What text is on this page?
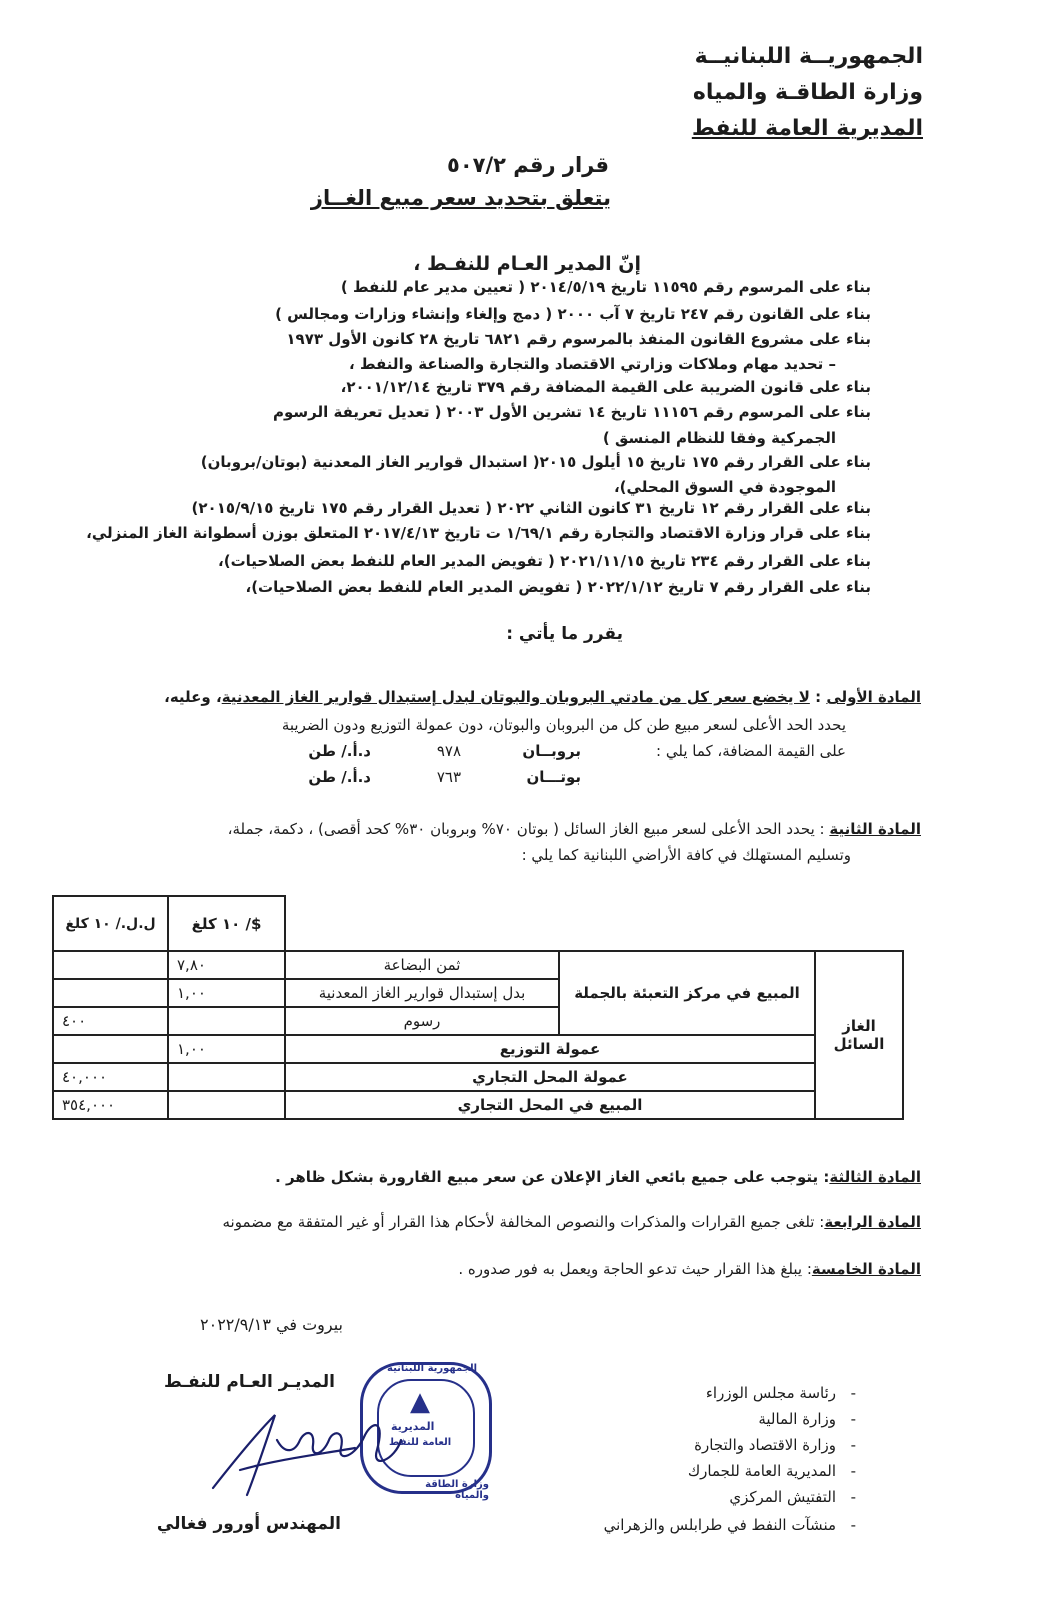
الجمهوريــة اللبنانيــة
وزارة الطاقـة والمياه
المديرية العامة للنفط
قرار رقم ٥٠٧/٢
يتعلق بتحديد سعر مبيع الغــاز
إنّ المدير العـام للنفـط ،
بناء على المرسوم رقم ١١٥٩٥ تاريخ ٢٠١٤/٥/١٩ ( تعيين مدير عام للنفط )
بناء على القانون رقم ٢٤٧ تاريخ ٧ آب ٢٠٠٠ ( دمج وإلغاء وإنشاء وزارات ومجالس )
بناء على مشروع القانون المنفذ بالمرسوم رقم ٦٨٢١ تاريخ ٢٨ كانون الأول ١٩٧٣
– تحديد مهام وملاكات وزارتي الاقتصاد والتجارة والصناعة والنفط ،
بناء على قانون الضريبة على القيمة المضافة رقم ٣٧٩ تاريخ ٢٠٠١/١٢/١٤،
بناء على المرسوم رقم ١١١٥٦ تاريخ ١٤ تشرين الأول ٢٠٠٣ ( تعديل تعريفة الرسوم
الجمركية وفقا للنظام المنسق )
بناء على القرار رقم ١٧٥ تاريخ ١٥ أيلول ٢٠١٥( استبدال قوارير الغاز المعدنية (بوتان/بروبان)
الموجودة في السوق المحلي)،
بناء على القرار رقم ١٢ تاريخ ٣١ كانون الثاني ٢٠٢٢ ( تعديل القرار رقم ١٧٥ تاريخ ٢٠١٥/٩/١٥)
بناء على قرار وزارة الاقتصاد والتجارة رقم ١/٦٩/١ ت تاريخ ٢٠١٧/٤/١٣ المتعلق بوزن أسطوانة الغاز المنزلي،
بناء على القرار رقم ٢٣٤ تاريخ ٢٠٢١/١١/١٥ ( تفويض المدير العام للنفط بعض الصلاحيات)،
بناء على القرار رقم ٧ تاريخ ٢٠٢٢/١/١٢ ( تفويض المدير العام للنفط بعض الصلاحيات)،
يقرر ما يأتي :
المادة الأولى : لا يخضع سعر كل من مادتي البروبان والبوتان لبدل إستبدال قوارير الغاز المعدنية، وعليه،
يحدد الحد الأعلى لسعر مبيع طن كل من البروبان والبوتان، دون عمولة التوزيع ودون الضريبة
على القيمة المضافة، كما يلي :
بروبــان
٩٧٨
د.أ./ طن
بوتـــان
٧٦٣
د.أ./ طن
المادة الثانية : يحدد الحد الأعلى لسعر مبيع الغاز السائل ( بوتان ٧٠% وبروبان ٣٠% كحد أقصى) ، دكمة، جملة،
وتسليم المستهلك في كافة الأراضي اللبنانية كما يلي :
			$/ ١٠ كلغ	ل.ل./ ١٠ كلغ
الغاز السائل	المبيع في مركز التعبئة بالجملة	ثمن البضاعة	٧,٨٠	
		بدل إستبدال قوارير الغاز المعدنية	١,٠٠	
		رسوم		٤٠٠
	عمولة التوزيع		١,٠٠	
	عمولة المحل التجاري			٤٠,٠٠٠
	المبيع في المحل التجاري			٣٥٤,٠٠٠
المادة الثالثة: يتوجب على جميع بائعي الغاز الإعلان عن سعر مبيع القارورة بشكل ظاهر .
المادة الرابعة: تلغى جميع القرارات والمذكرات والنصوص المخالفة لأحكام هذا القرار أو غير المتفقة مع مضمونه
المادة الخامسة: يبلغ هذا القرار حيث تدعو الحاجة ويعمل به فور صدوره .
بيروت في ٢٠٢٢/٩/١٣
المديـر العـام للنفـط
المهندس أورور فغالي
الجمهورية اللبنانية
▲
المديرية
العامة للنفط
وزارة الطاقة والمياه
رئاسة مجلس الوزراء
وزارة المالية
وزارة الاقتصاد والتجارة
المديرية العامة للجمارك
التفتيش المركزي
منشآت النفط في طرابلس والزهراني
-
-
-
-
-
-
